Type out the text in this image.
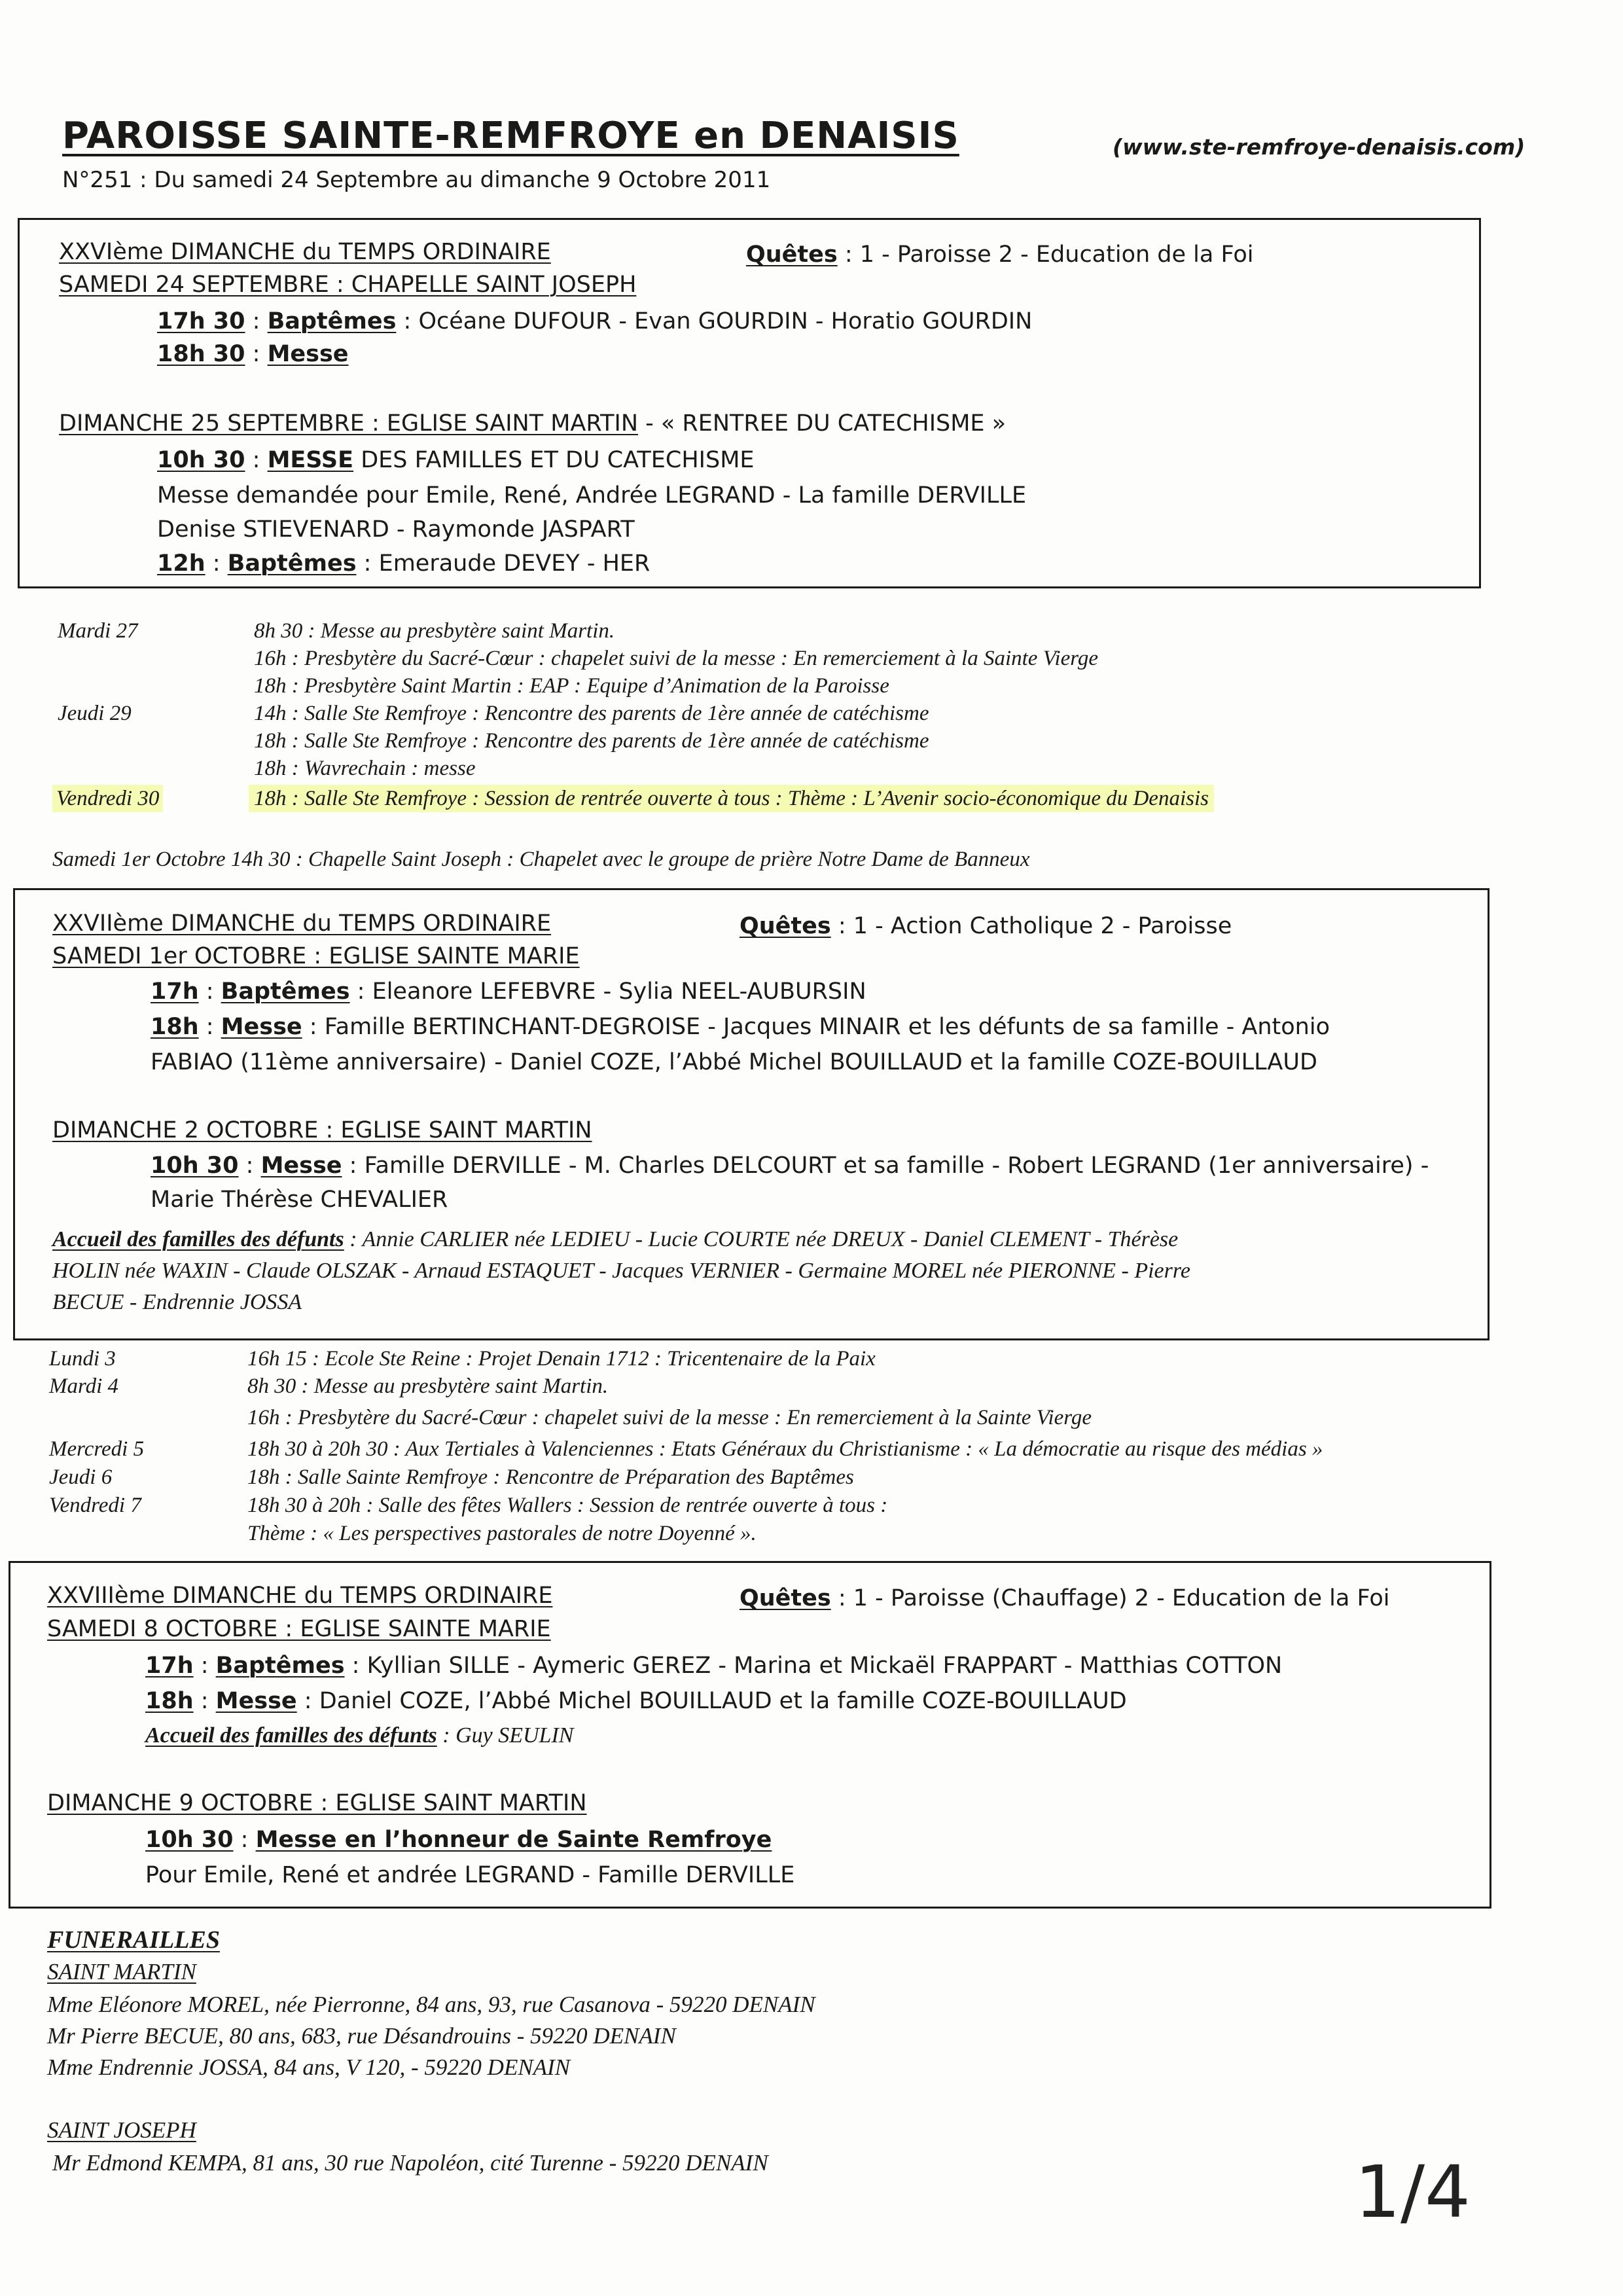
PAROISSE SAINTE-REMFROYE en DENAISIS	(www.ste-remfroye-denaisis.com)
N°251 : Du samedi 24 Septembre au dimanche 9 Octobre 2011
XXVIème DIMANCHE du TEMPS ORDINAIRE	Quêtes : 1 - Paroisse 2 - Education de la Foi
SAMEDI 24 SEPTEMBRE : CHAPELLE SAINT JOSEPH
17h 30 : Baptêmes : Océane DUFOUR - Evan GOURDIN - Horatio GOURDIN
18h 30 : Messe
DIMANCHE 25 SEPTEMBRE : EGLISE SAINT MARTIN - « RENTREE DU CATECHISME »
10h 30 : MESSE DES FAMILLES ET DU CATECHISME
Messe demandée pour Emile, René, Andrée LEGRAND - La famille DERVILLE
Denise STIEVENARD - Raymonde JASPART
12h : Baptêmes : Emeraude DEVEY - HER
Mardi 27	8h 30 : Messe au presbytère saint Martin.
16h : Presbytère du Sacré-Cœur : chapelet suivi de la messe : En remerciement à la Sainte Vierge
18h : Presbytère Saint Martin : EAP : Equipe d’Animation de la Paroisse
Jeudi 29	14h : Salle Ste Remfroye : Rencontre des parents de 1ère année de catéchisme
18h : Salle Ste Remfroye : Rencontre des parents de 1ère année de catéchisme
18h : Wavrechain : messe
Vendredi 30	18h : Salle Ste Remfroye : Session de rentrée ouverte à tous : Thème : L’Avenir socio-économique du Denaisis
Samedi 1er Octobre 14h 30 : Chapelle Saint Joseph : Chapelet avec le groupe de prière Notre Dame de Banneux
XXVIIème DIMANCHE du TEMPS ORDINAIRE	Quêtes : 1 - Action Catholique 2 - Paroisse
SAMEDI 1er OCTOBRE : EGLISE SAINTE MARIE
17h : Baptêmes : Eleanore LEFEBVRE - Sylia NEEL-AUBURSIN
18h : Messe : Famille BERTINCHANT-DEGROISE - Jacques MINAIR et les défunts de sa famille - Antonio
FABIAO (11ème anniversaire) - Daniel COZE, l’Abbé Michel BOUILLAUD et la famille COZE-BOUILLAUD
DIMANCHE 2 OCTOBRE : EGLISE SAINT MARTIN
10h 30 : Messe : Famille DERVILLE - M. Charles DELCOURT et sa famille - Robert LEGRAND (1er anniversaire) -
Marie Thérèse CHEVALIER
Accueil des familles des défunts : Annie CARLIER née LEDIEU - Lucie COURTE née DREUX - Daniel CLEMENT - Thérèse
HOLIN née WAXIN - Claude OLSZAK - Arnaud ESTAQUET - Jacques VERNIER - Germaine MOREL née PIERONNE - Pierre
BECUE - Endrennie JOSSA
Lundi 3	16h 15 : Ecole Ste Reine : Projet Denain 1712 : Tricentenaire de la Paix
Mardi 4	8h 30 : Messe au presbytère saint Martin.
16h : Presbytère du Sacré-Cœur : chapelet suivi de la messe : En remerciement à la Sainte Vierge
Mercredi 5	18h 30 à 20h 30 : Aux Tertiales à Valenciennes : Etats Généraux du Christianisme : « La démocratie au risque des médias »
Jeudi 6	18h : Salle Sainte Remfroye : Rencontre de Préparation des Baptêmes
Vendredi 7	18h 30 à 20h : Salle des fêtes Wallers : Session de rentrée ouverte à tous :
Thème : « Les perspectives pastorales de notre Doyenné ».
XXVIIIème DIMANCHE du TEMPS ORDINAIRE	Quêtes : 1 - Paroisse (Chauffage) 2 - Education de la Foi
SAMEDI 8 OCTOBRE : EGLISE SAINTE MARIE
17h : Baptêmes : Kyllian SILLE - Aymeric GEREZ - Marina et Mickaël FRAPPART - Matthias COTTON
18h : Messe : Daniel COZE, l’Abbé Michel BOUILLAUD et la famille COZE-BOUILLAUD
Accueil des familles des défunts : Guy SEULIN
DIMANCHE 9 OCTOBRE : EGLISE SAINT MARTIN
10h 30 : Messe en l’honneur de Sainte Remfroye
Pour Emile, René et andrée LEGRAND - Famille DERVILLE
FUNERAILLES
SAINT MARTIN
Mme Eléonore MOREL, née Pierronne, 84 ans, 93, rue Casanova - 59220 DENAIN
Mr Pierre BECUE, 80 ans, 683, rue Désandrouins - 59220 DENAIN
Mme Endrennie JOSSA, 84 ans, V 120, - 59220 DENAIN
SAINT JOSEPH
Mr Edmond KEMPA, 81 ans, 30 rue Napoléon, cité Turenne - 59220 DENAIN	1/4
